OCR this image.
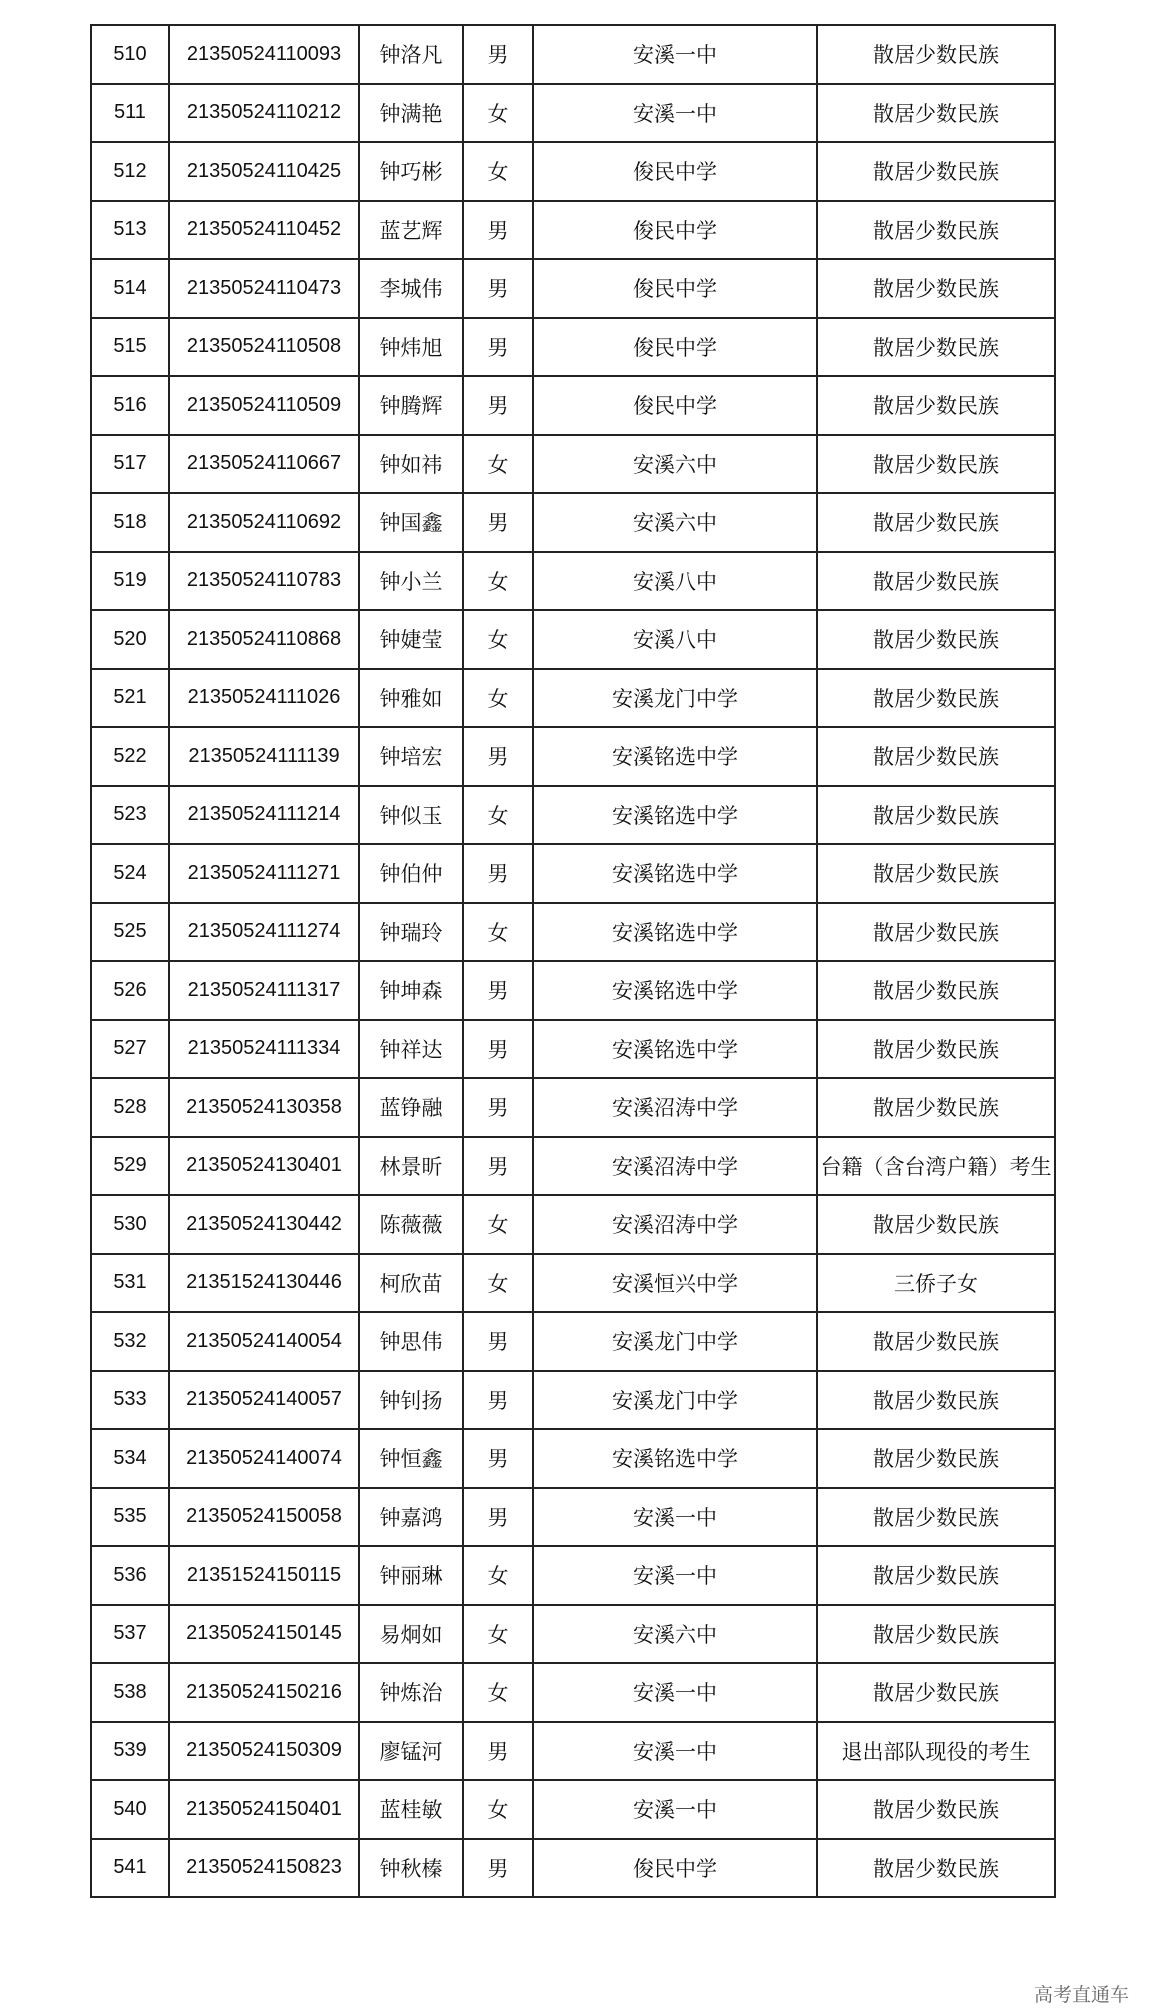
510	21350524110093	钟洛凡	男	安溪一中	散居少数民族
511	21350524110212	钟满艳	女	安溪一中	散居少数民族
512	21350524110425	钟巧彬	女	俊民中学	散居少数民族
513	21350524110452	蓝艺辉	男	俊民中学	散居少数民族
514	21350524110473	李城伟	男	俊民中学	散居少数民族
515	21350524110508	钟炜旭	男	俊民中学	散居少数民族
516	21350524110509	钟腾辉	男	俊民中学	散居少数民族
517	21350524110667	钟如祎	女	安溪六中	散居少数民族
518	21350524110692	钟国鑫	男	安溪六中	散居少数民族
519	21350524110783	钟小兰	女	安溪八中	散居少数民族
520	21350524110868	钟婕莹	女	安溪八中	散居少数民族
521	21350524111026	钟雅如	女	安溪龙门中学	散居少数民族
522	21350524111139	钟培宏	男	安溪铭选中学	散居少数民族
523	21350524111214	钟似玉	女	安溪铭选中学	散居少数民族
524	21350524111271	钟伯仲	男	安溪铭选中学	散居少数民族
525	21350524111274	钟瑞玲	女	安溪铭选中学	散居少数民族
526	21350524111317	钟坤森	男	安溪铭选中学	散居少数民族
527	21350524111334	钟祥达	男	安溪铭选中学	散居少数民族
528	21350524130358	蓝铮融	男	安溪沼涛中学	散居少数民族
529	21350524130401	林景昕	男	安溪沼涛中学	台籍（含台湾户籍）考生
530	21350524130442	陈薇薇	女	安溪沼涛中学	散居少数民族
531	21351524130446	柯欣苗	女	安溪恒兴中学	三侨子女
532	21350524140054	钟思伟	男	安溪龙门中学	散居少数民族
533	21350524140057	钟钊扬	男	安溪龙门中学	散居少数民族
534	21350524140074	钟恒鑫	男	安溪铭选中学	散居少数民族
535	21350524150058	钟嘉鸿	男	安溪一中	散居少数民族
536	21351524150115	钟丽琳	女	安溪一中	散居少数民族
537	21350524150145	易炯如	女	安溪六中	散居少数民族
538	21350524150216	钟炼治	女	安溪一中	散居少数民族
539	21350524150309	廖锰河	男	安溪一中	退出部队现役的考生
540	21350524150401	蓝桂敏	女	安溪一中	散居少数民族
541	21350524150823	钟秋榛	男	俊民中学	散居少数民族
高考直通车
